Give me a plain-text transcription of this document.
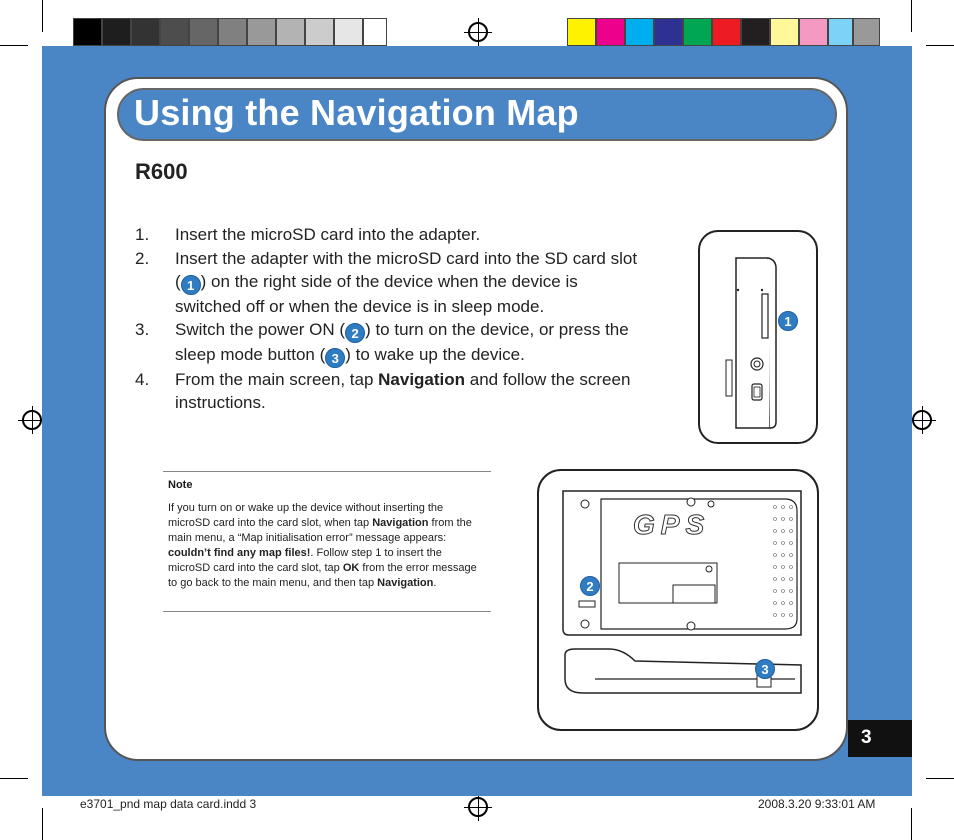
Using the Navigation Map
R600
1. Insert the microSD card into the adapter.
2. Insert the adapter with the microSD card into the SD card slot ( 1 ) on the right side of the device when the device is switched off or when the device is in sleep mode.
3. Switch the power ON ( 2 ) to turn on the device, or press the sleep mode button ( 3 ) to wake up the device.
4. From the main screen, tap Navigation and follow the screen instructions.
1
GPS
2
3
Note
If you turn on or wake up the device without inserting the microSD card into the card slot, when tap Navigation from the main menu, a “Map initialisation error” message appears: couldn’t find any map files!. Follow step 1 to insert the microSD card into the card slot, tap OK from the error message to go back to the main menu, and then tap Navigation.
3
e3701_pnd map data card.indd 3	2008.3.20 9:33:01 AM
